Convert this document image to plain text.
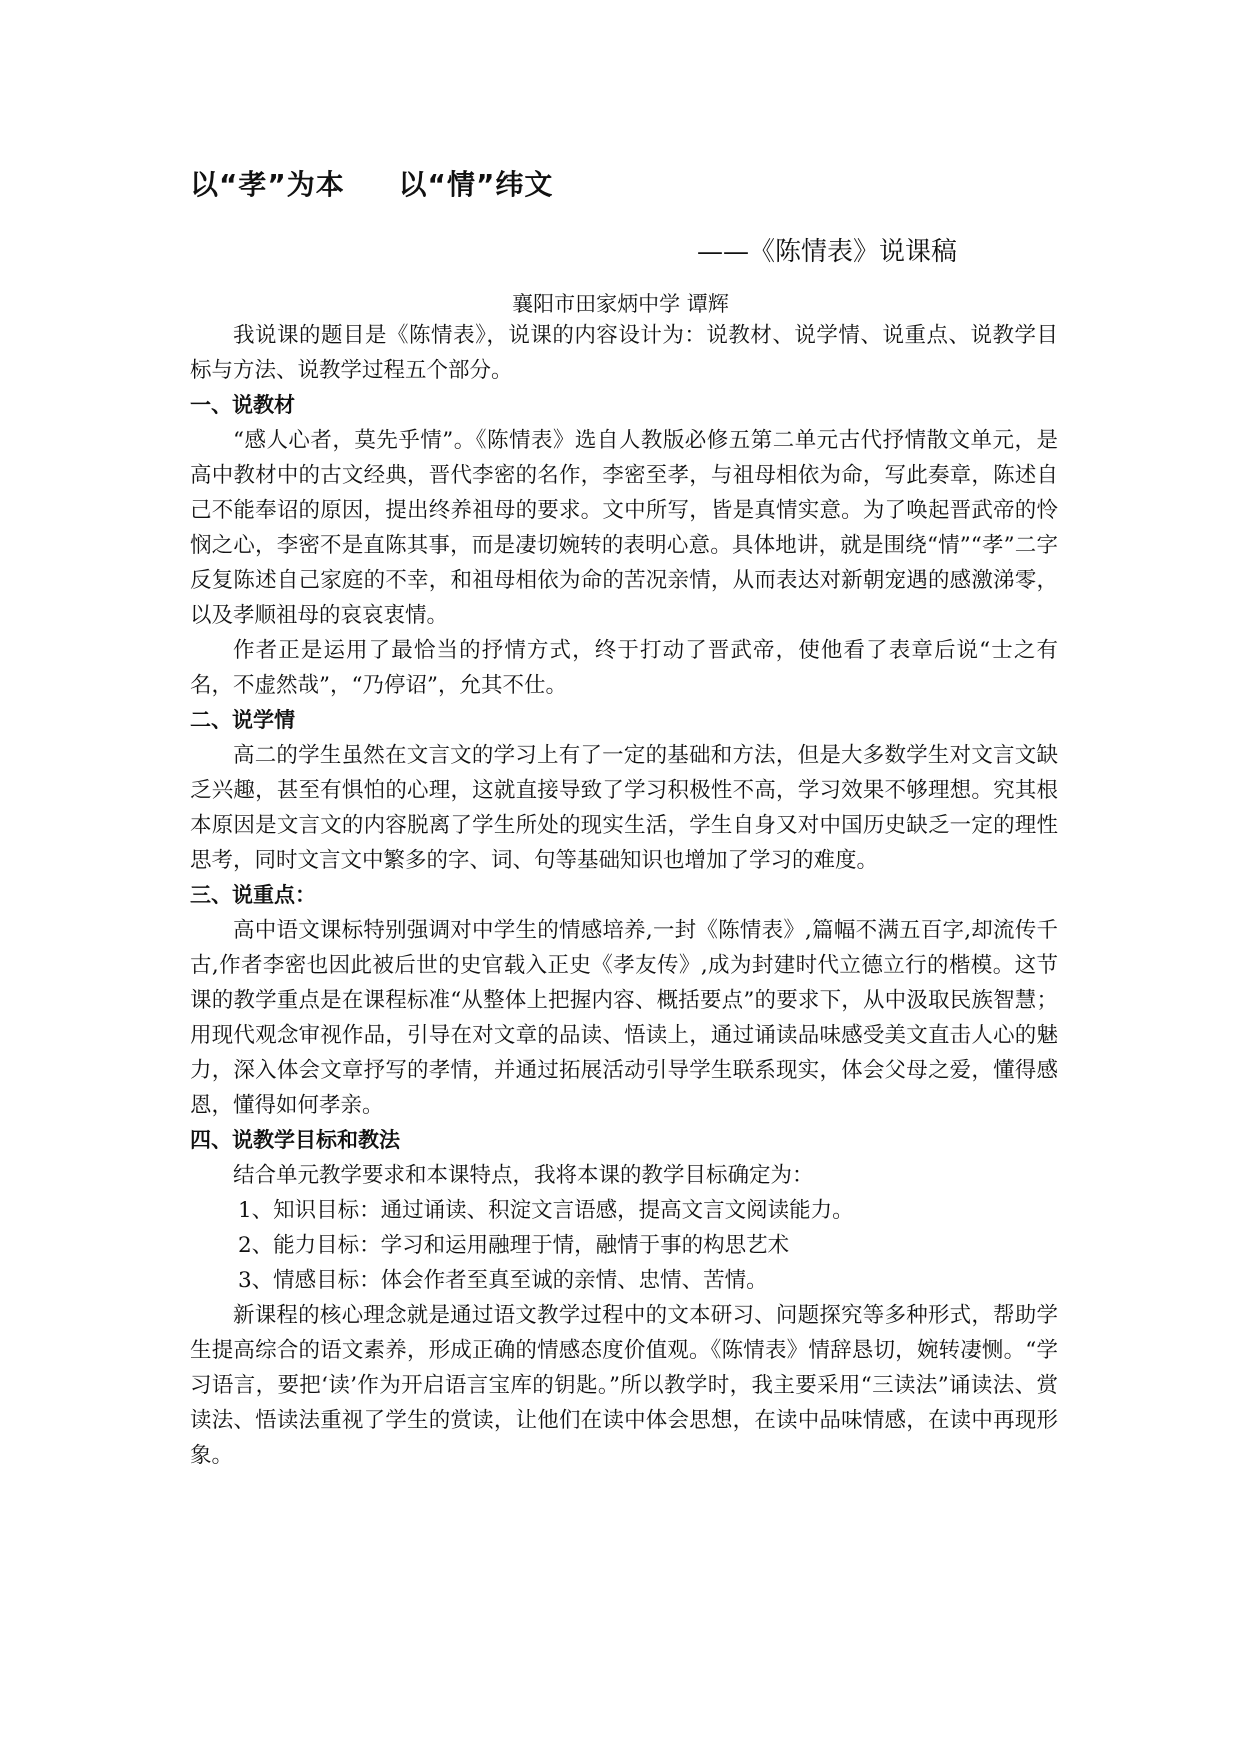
以“孝”为本     以“情”纬文
——《陈情表》说课稿
襄阳市田家炳中学 谭辉

我说课的题目是《陈情表》，说课的内容设计为：说教材、说学情、说重点、说教学目标与方法、说教学过程五个部分。

一、说教材

“感人心者，莫先乎情”。《陈情表》选自人教版必修五第二单元古代抒情散文单元，是高中教材中的古文经典，晋代李密的名作，李密至孝，与祖母相依为命，写此奏章，陈述自己不能奉诏的原因，提出终养祖母的要求。文中所写，皆是真情实意。为了唤起晋武帝的怜悯之心，李密不是直陈其事，而是凄切婉转的表明心意。具体地讲，就是围绕“情”“孝”二字反复陈述自己家庭的不幸，和祖母相依为命的苦况亲情，从而表达对新朝宠遇的感激涕零，以及孝顺祖母的哀哀衷情。

作者正是运用了最恰当的抒情方式，终于打动了晋武帝，使他看了表章后说“士之有名，不虚然哉”，“乃停诏”，允其不仕。

二、说学情

高二的学生虽然在文言文的学习上有了一定的基础和方法，但是大多数学生对文言文缺乏兴趣，甚至有惧怕的心理，这就直接导致了学习积极性不高，学习效果不够理想。究其根本原因是文言文的内容脱离了学生所处的现实生活，学生自身又对中国历史缺乏一定的理性思考，同时文言文中繁多的字、词、句等基础知识也增加了学习的难度。

三、说重点：

高中语文课标特别强调对中学生的情感培养,一封《陈情表》,篇幅不满五百字,却流传千古,作者李密也因此被后世的史官载入正史《孝友传》,成为封建时代立德立行的楷模。这节课的教学重点是在课程标准“从整体上把握内容、概括要点”的要求下，从中汲取民族智慧；用现代观念审视作品，引导在对文章的品读、悟读上，通过诵读品味感受美文直击人心的魅力，深入体会文章抒写的孝情，并通过拓展活动引导学生联系现实，体会父母之爱，懂得感恩，懂得如何孝亲。

四、说教学目标和教法

结合单元教学要求和本课特点，我将本课的教学目标确定为：

1、知识目标：通过诵读、积淀文言语感，提高文言文阅读能力。

2、能力目标：学习和运用融理于情，融情于事的构思艺术

3、情感目标：体会作者至真至诚的亲情、忠情、苦情。

新课程的核心理念就是通过语文教学过程中的文本研习、问题探究等多种形式，帮助学生提高综合的语文素养，形成正确的情感态度价值观。《陈情表》情辞恳切，婉转凄恻。“学习语言，要把‘读’作为开启语言宝库的钥匙。”所以教学时，我主要采用“三读法”诵读法、赏读法、悟读法重视了学生的赏读，让他们在读中体会思想，在读中品味情感，在读中再现形象。
